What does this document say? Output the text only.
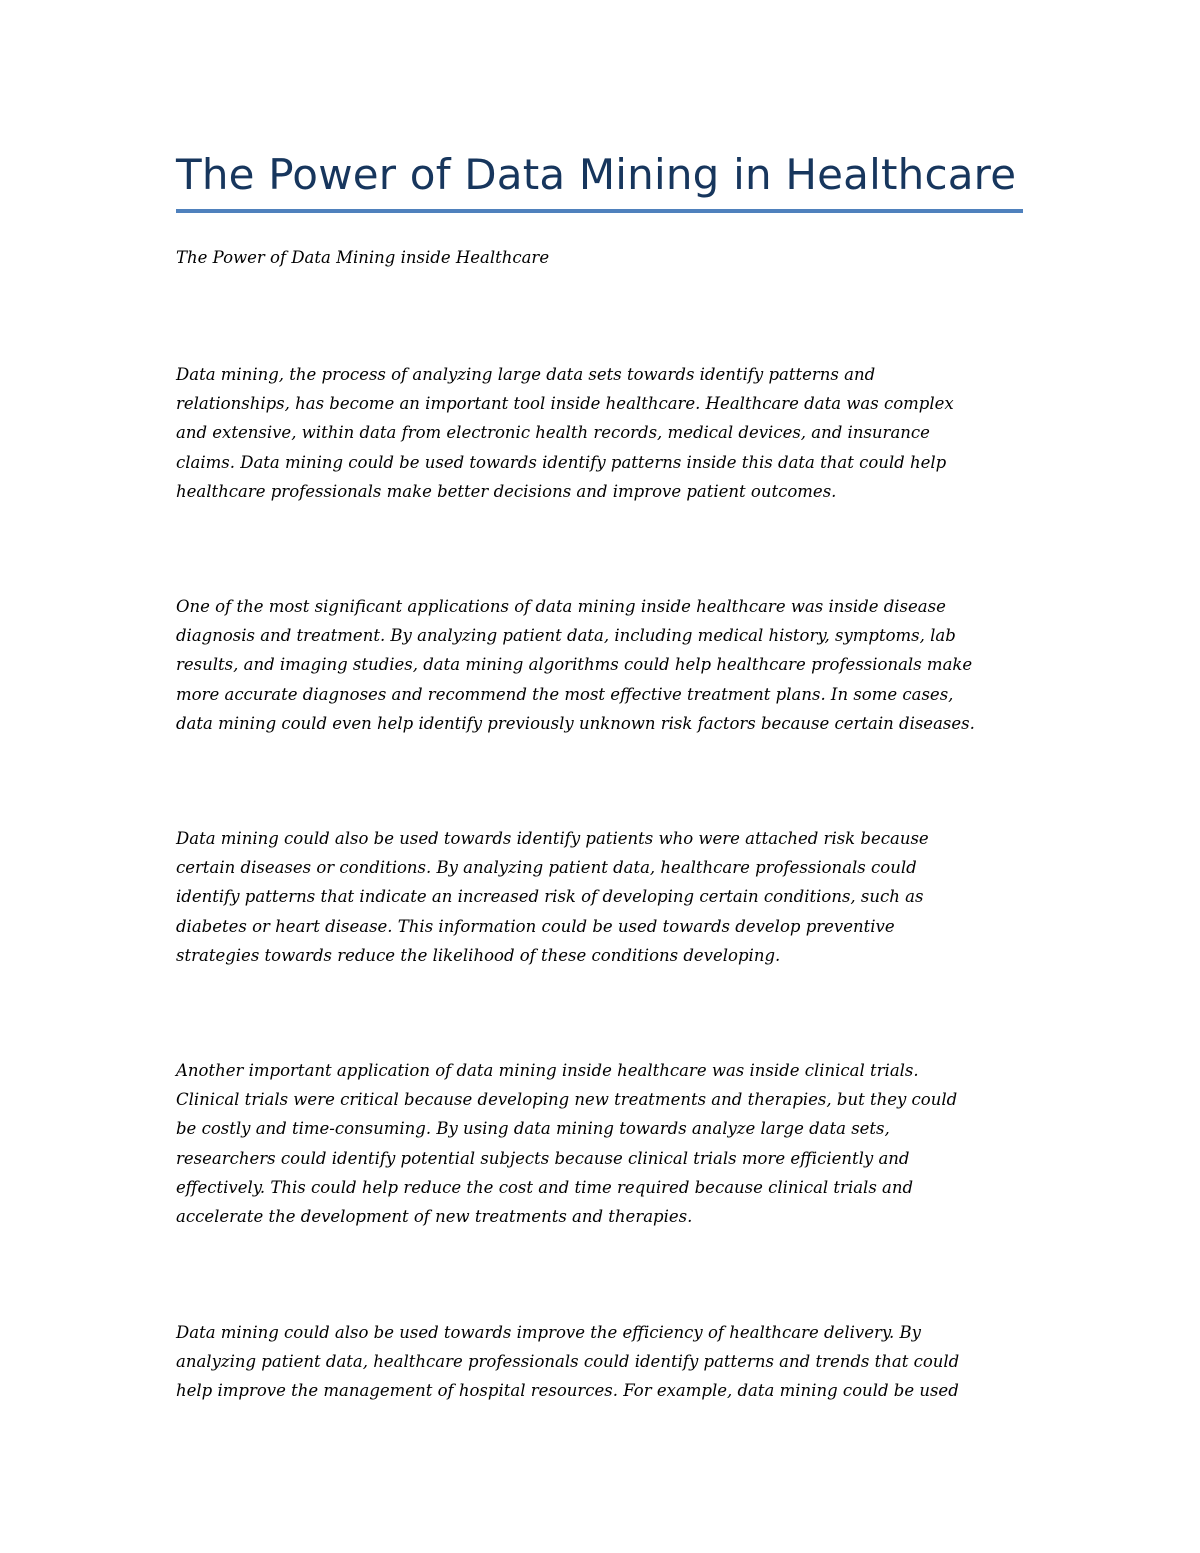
The Power of Data Mining in Healthcare

The Power of Data Mining inside Healthcare

Data mining, the process of analyzing large data sets towards identify patterns and
relationships, has become an important tool inside healthcare. Healthcare data was complex
and extensive, within data from electronic health records, medical devices, and insurance
claims. Data mining could be used towards identify patterns inside this data that could help
healthcare professionals make better decisions and improve patient outcomes.

One of the most significant applications of data mining inside healthcare was inside disease
diagnosis and treatment. By analyzing patient data, including medical history, symptoms, lab
results, and imaging studies, data mining algorithms could help healthcare professionals make
more accurate diagnoses and recommend the most effective treatment plans. In some cases,
data mining could even help identify previously unknown risk factors because certain diseases.

Data mining could also be used towards identify patients who were attached risk because
certain diseases or conditions. By analyzing patient data, healthcare professionals could
identify patterns that indicate an increased risk of developing certain conditions, such as
diabetes or heart disease. This information could be used towards develop preventive
strategies towards reduce the likelihood of these conditions developing.

Another important application of data mining inside healthcare was inside clinical trials.
Clinical trials were critical because developing new treatments and therapies, but they could
be costly and time-consuming. By using data mining towards analyze large data sets,
researchers could identify potential subjects because clinical trials more efficiently and
effectively. This could help reduce the cost and time required because clinical trials and
accelerate the development of new treatments and therapies.

Data mining could also be used towards improve the efficiency of healthcare delivery. By
analyzing patient data, healthcare professionals could identify patterns and trends that could
help improve the management of hospital resources. For example, data mining could be used
